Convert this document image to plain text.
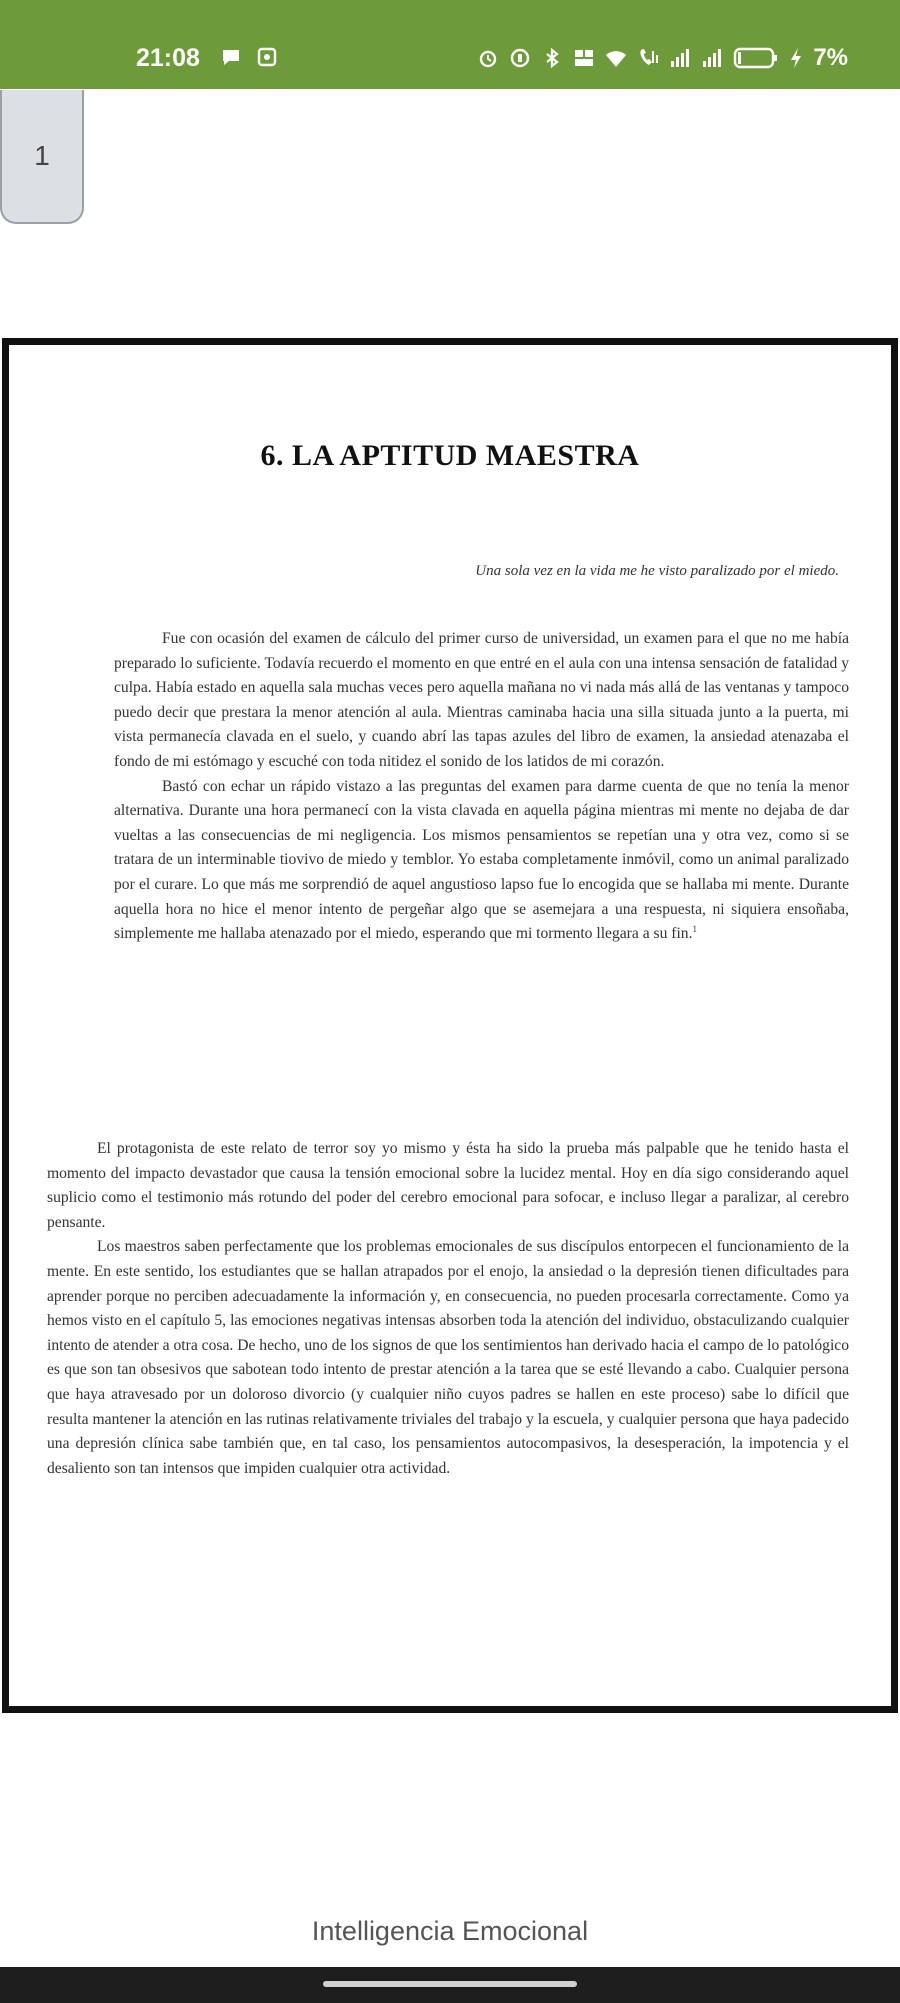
21:08	7%
1
6. LA APTITUD MAESTRA
Una sola vez en la vida me he visto paralizado por el miedo.

Fue con ocasión del examen de cálculo del primer curso de universidad, un examen para el que no me había preparado lo suficiente. Todavía recuerdo el momento en que entré en el aula con una intensa sensación de fatalidad y culpa. Había estado en aquella sala muchas veces pero aquella mañana no vi nada más allá de las ventanas y tampoco puedo decir que prestara la menor atención al aula. Mientras caminaba hacia una silla situada junto a la puerta, mi vista permanecía clavada en el suelo, y cuando abrí las tapas azules del libro de examen, la ansiedad atenazaba el fondo de mi estómago y escuché con toda nitidez el sonido de los latidos de mi corazón.

Bastó con echar un rápido vistazo a las preguntas del examen para darme cuenta de que no tenía la menor alternativa. Durante una hora permanecí con la vista clavada en aquella página mientras mi mente no dejaba de dar vueltas a las consecuencias de mi negligencia. Los mismos pensamientos se repetían una y otra vez, como si se tratara de un interminable tiovivo de miedo y temblor. Yo estaba completamente inmóvil, como un animal paralizado por el curare. Lo que más me sorprendió de aquel angustioso lapso fue lo encogida que se hallaba mi mente. Durante aquella hora no hice el menor intento de pergeñar algo que se asemejara a una respuesta, ni siquiera ensoñaba, simplemente me hallaba atenazado por el miedo, esperando que mi tormento llegara a su fin.$^1$

El protagonista de este relato de terror soy yo mismo y ésta ha sido la prueba más palpable que he tenido hasta el momento del impacto devastador que causa la tensión emocional sobre la lucidez mental. Hoy en día sigo considerando aquel suplicio como el testimonio más rotundo del poder del cerebro emocional para sofocar, e incluso llegar a paralizar, al cerebro pensante.

Los maestros saben perfectamente que los problemas emocionales de sus discípulos entorpecen el funcionamiento de la mente. En este sentido, los estudiantes que se hallan atrapados por el enojo, la ansiedad o la depresión tienen dificultades para aprender porque no perciben adecuadamente la información y, en consecuencia, no pueden procesarla correctamente. Como ya hemos visto en el capítulo 5, las emociones negativas intensas absorben toda la atención del individuo, obstaculizando cualquier intento de atender a otra cosa. De hecho, uno de los signos de que los sentimientos han derivado hacia el campo de lo patológico es que son tan obsesivos que sabotean todo intento de prestar atención a la tarea que se esté llevando a cabo. Cualquier persona que haya atravesado por un doloroso divorcio (y cualquier niño cuyos padres se hallen en este proceso) sabe lo difícil que resulta mantener la atención en las rutinas relativamente triviales del trabajo y la escuela, y cualquier persona que haya padecido una depresión clínica sabe también que, en tal caso, los pensamientos autocompasivos, la desesperación, la impotencia y el desaliento son tan intensos que impiden cualquier otra actividad.

Intelligencia Emocional
